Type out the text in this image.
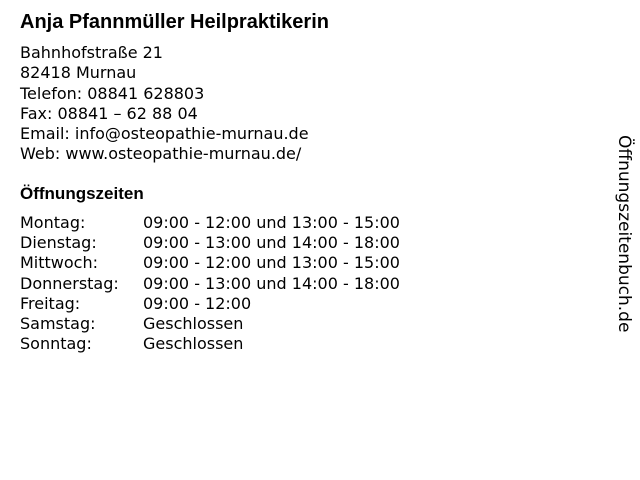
Anja Pfannmüller Heilpraktikerin
Bahnhofstraße 21
82418 Murnau
Telefon: 08841 628803
Fax: 08841 – 62 88 04
Email: info@osteopathie-murnau.de
Web: www.osteopathie-murnau.de/
Öffnungszeiten
Montag:	09:00 - 12:00 und 13:00 - 15:00
Dienstag:	09:00 - 13:00 und 14:00 - 18:00
Mittwoch:	09:00 - 12:00 und 13:00 - 15:00
Donnerstag: 09:00 - 13:00 und 14:00 - 18:00
Freitag:	09:00 - 12:00
Samstag:	Geschlossen
Sonntag:	Geschlossen
Öffnungszeitenbuch.de
